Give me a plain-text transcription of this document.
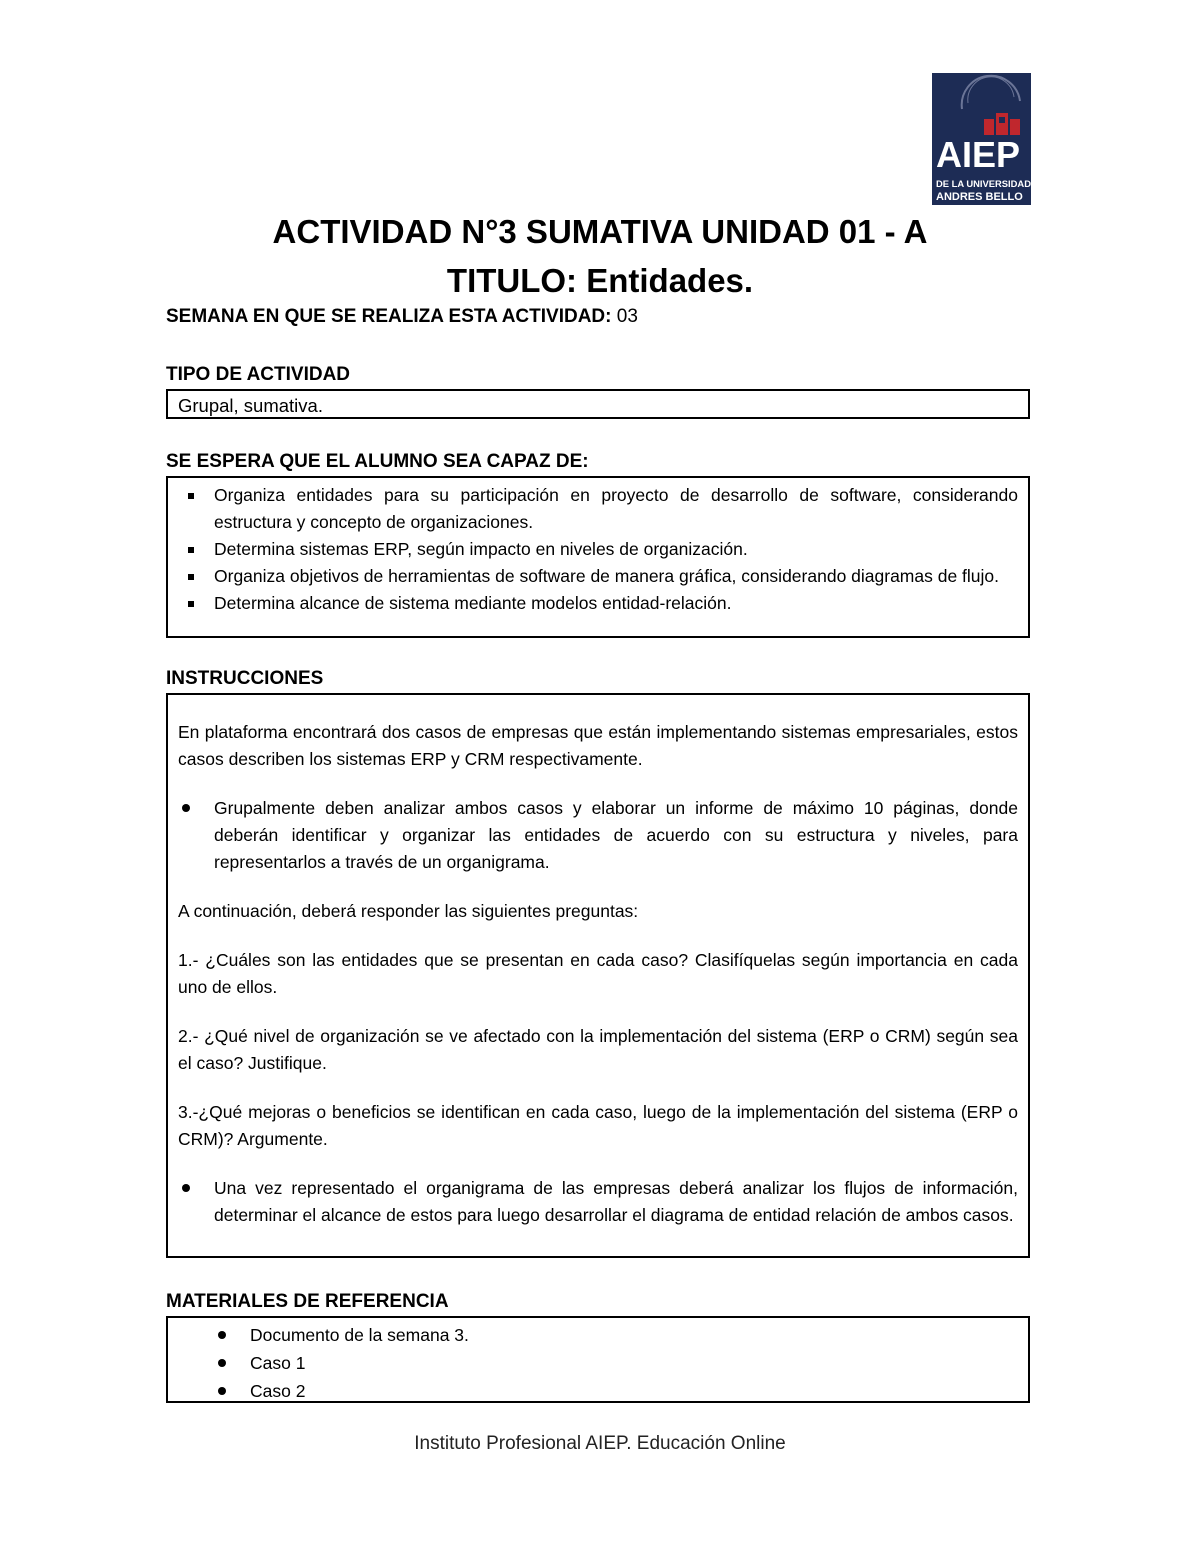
AIEP
DE LA UNIVERSIDAD
ANDRES BELLO
ACTIVIDAD N°3 SUMATIVA UNIDAD 01 - A
TITULO: Entidades.
SEMANA EN QUE SE REALIZA ESTA ACTIVIDAD: 03
TIPO DE ACTIVIDAD
Grupal, sumativa.
SE ESPERA QUE EL ALUMNO SEA CAPAZ DE:
Organiza entidades para su participación en proyecto de desarrollo de software, considerando estructura y concepto de organizaciones.
Determina sistemas ERP, según impacto en niveles de organización.
Organiza objetivos de herramientas de software de manera gráfica, considerando diagramas de flujo.
Determina alcance de sistema mediante modelos entidad-relación.
INSTRUCCIONES

En plataforma encontrará dos casos de empresas que están implementando sistemas empresariales, estos casos describen los sistemas ERP y CRM respectivamente.

Grupalmente deben analizar ambos casos y elaborar un informe de máximo 10 páginas, donde deberán identificar y organizar las entidades de acuerdo con su estructura y niveles, para representarlos a través de un organigrama.

A continuación, deberá responder las siguientes preguntas:

1.- ¿Cuáles son las entidades que se presentan en cada caso? Clasifíquelas según importancia en cada uno de ellos.

2.- ¿Qué nivel de organización se ve afectado con la implementación del sistema (ERP o CRM) según sea el caso? Justifique.

3.-¿Qué mejoras o beneficios se identifican en cada caso, luego de la implementación del sistema (ERP o CRM)? Argumente.

Una vez representado el organigrama de las empresas deberá analizar los flujos de información, determinar el alcance de estos para luego desarrollar el diagrama de entidad relación de ambos casos.
MATERIALES DE REFERENCIA
Documento de la semana 3.
Caso 1
Caso 2
Instituto Profesional AIEP. Educación Online
